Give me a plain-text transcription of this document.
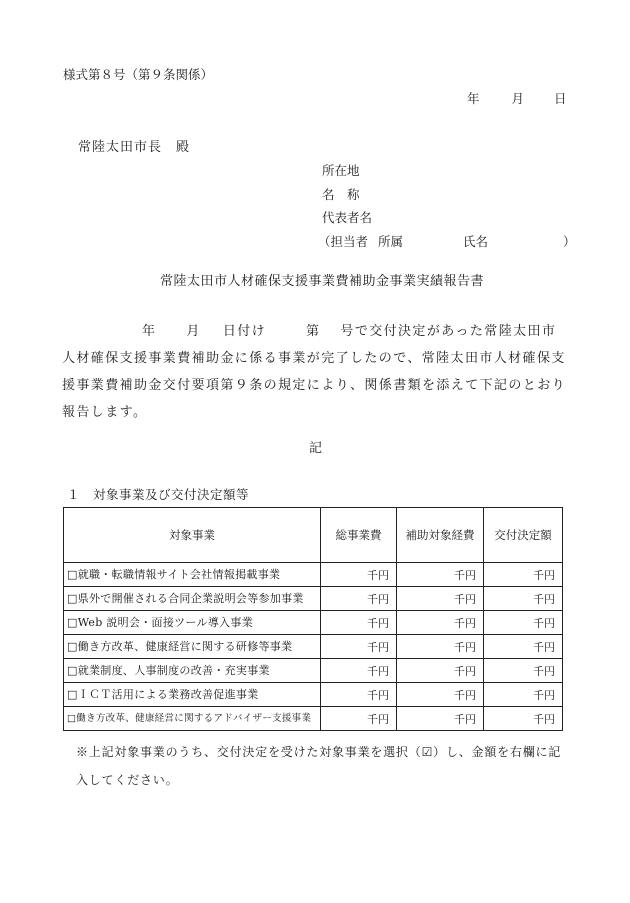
様式第８号（第９条関係）
年	月 日
常陸太田市長　殿
所在地
名　称
代表者名
（担当者 所属	氏名	）
常陸太田市人材確保支援事業費補助金事業実績報告書
年 月 日付け	第 号で交付決定があった常陸太田市人材確保支援事業費補助金に係る事業が完了したので、常陸太田市人材確保支援事業費補助金交付要項第９条の規定により、関係書類を添えて下記のとおり報告します。
記
１　対象事業及び交付決定額等
対象事業	総事業費	補助対象経費	交付決定額
□就職・転職情報サイト会社情報掲載事業	千円	千円	千円
□県外で開催される合同企業説明会等参加事業	千円	千円	千円
□Web 説明会・面接ツール導入事業	千円	千円	千円
□働き方改革、健康経営に関する研修等事業	千円	千円	千円
□就業制度、人事制度の改善・充実事業	千円	千円	千円
□ＩＣＴ活用による業務改善促進事業	千円	千円	千円
□働き方改革、健康経営に関するアドバイザー支援事業	千円	千円	千円
※上記対象事業のうち、交付決定を受けた対象事業を選択（☑）し、金額を右欄に記入してください。
